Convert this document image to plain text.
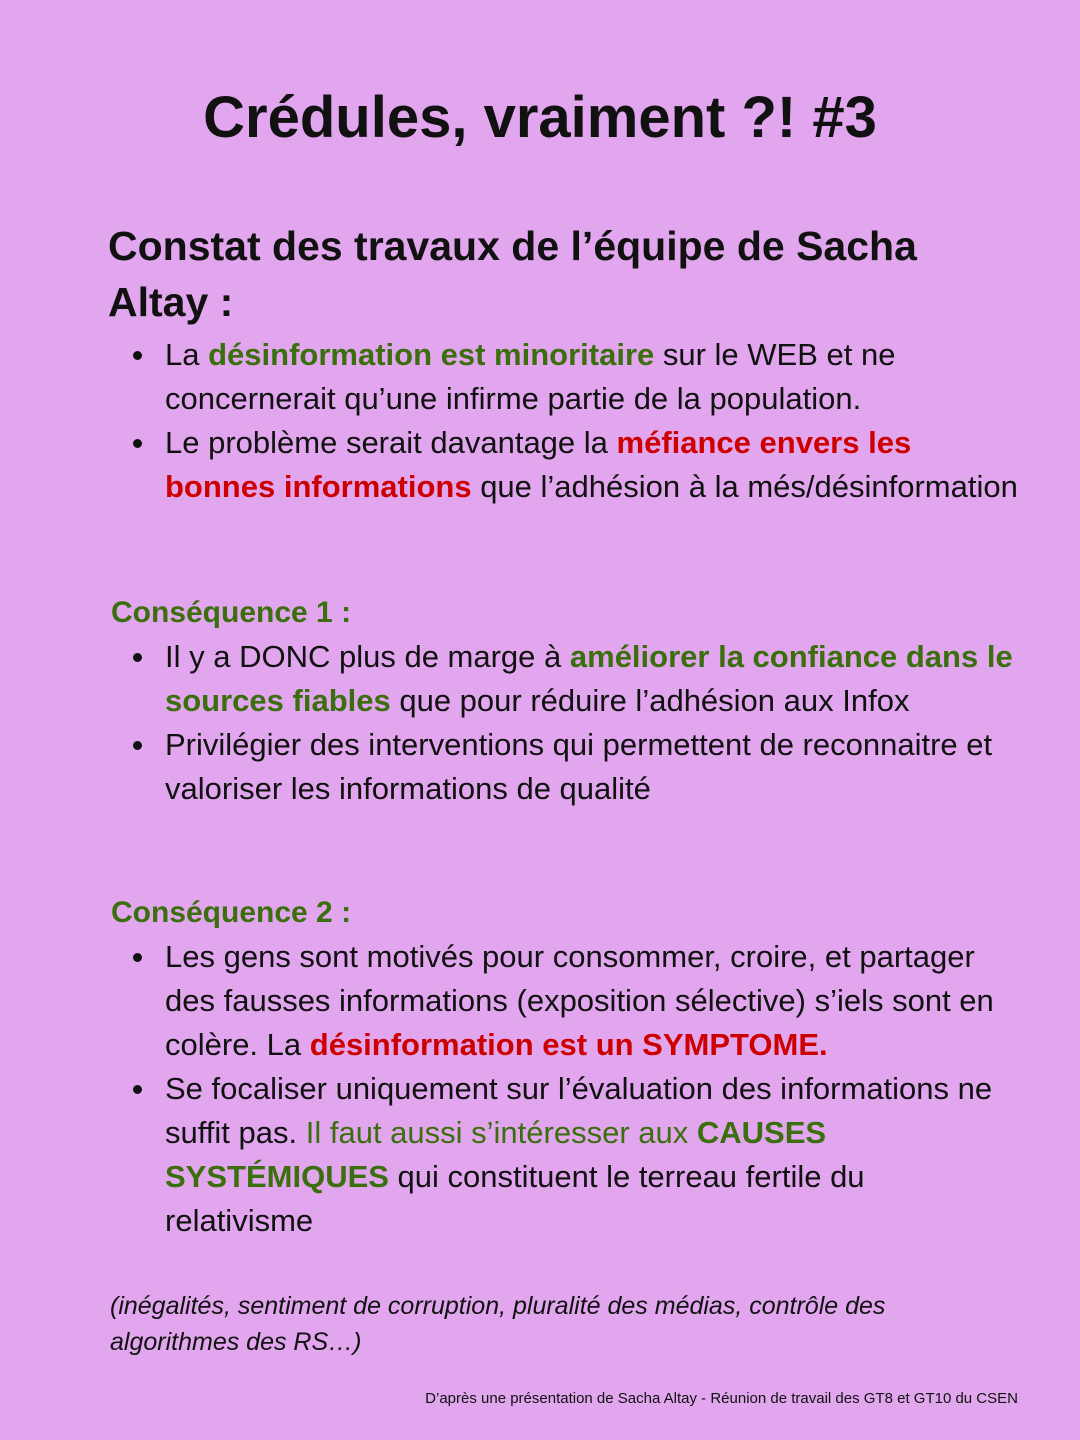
Crédules, vraiment ?! #3
Constat des travaux de l’équipe de Sacha Altay :
La désinformation est minoritaire sur le WEB et ne concernerait qu’une infirme partie de la population.
Le problème serait davantage la méfiance envers les bonnes informations que l’adhésion à la més/désinformation

Conséquence 1 :

Il y a DONC plus de marge à améliorer la confiance dans le sources fiables que pour réduire l’adhésion aux Infox
Privilégier des interventions qui permettent de reconnaitre et valoriser les informations de qualité

Conséquence 2 :

Les gens sont motivés pour consommer, croire, et partager des fausses informations (exposition sélective) s’iels sont en colère. La désinformation est un SYMPTOME.
Se focaliser uniquement sur l’évaluation des informations ne suffit pas. Il faut aussi s’intéresser aux CAUSES SYSTÉMIQUES qui constituent le terreau fertile du relativisme
(inégalités, sentiment de corruption, pluralité des médias, contrôle des algorithmes des RS…)
D’après une présentation de Sacha Altay - Réunion de travail des GT8 et GT10 du CSEN
